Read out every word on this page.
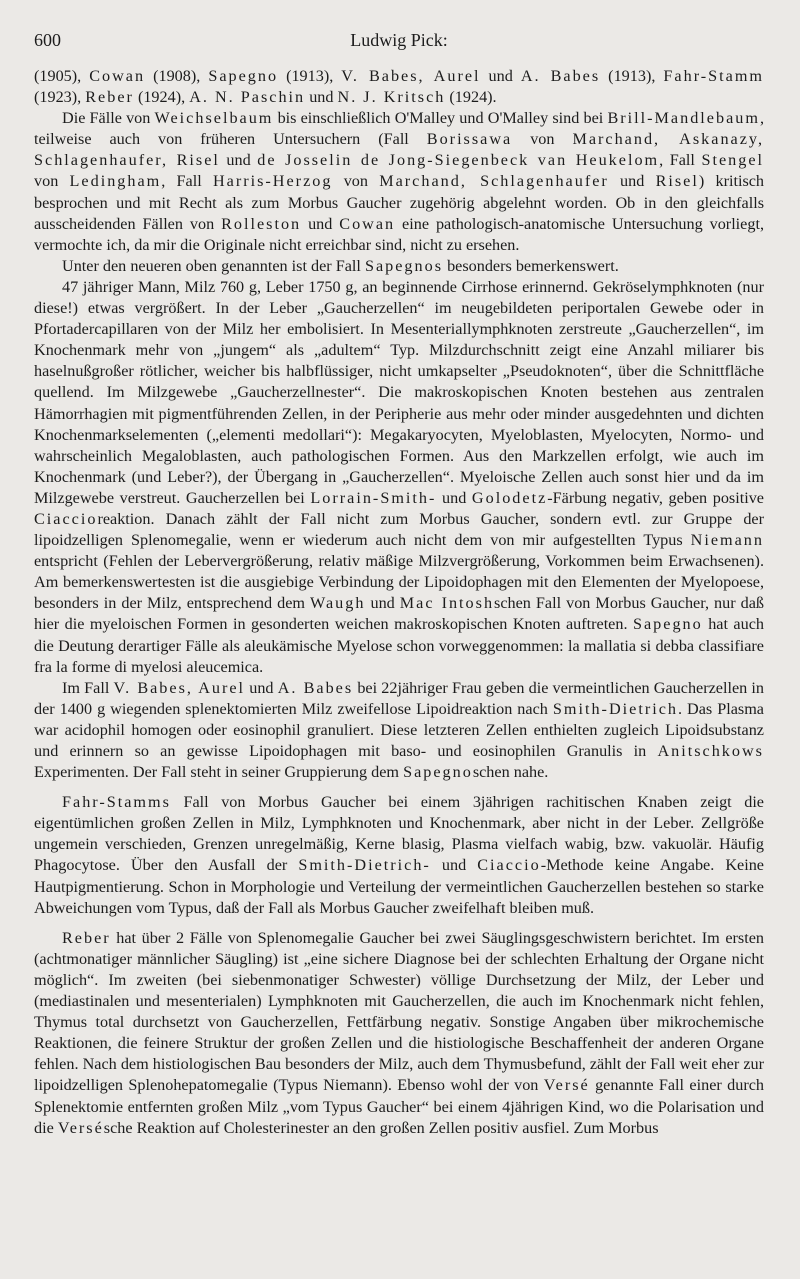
600	Ludwig Pick:

(1905), Cowan (1908), Sapegno (1913), V. Babes, Aurel und A. Babes (1913), Fahr-Stamm (1923), Reber (1924), A. N. Paschin und N. J. Kritsch (1924).

Die Fälle von Weichselbaum bis einschließlich O'Malley und O'Malley sind bei Brill-Mandlebaum, teilweise auch von früheren Untersuchern (Fall Borissawa von Marchand, Askanazy, Schlagenhaufer, Risel und de Josselin de Jong-Siegenbeck van Heukelom, Fall Stengel von Ledingham, Fall Harris-Herzog von Marchand, Schlagenhaufer und Risel) kritisch besprochen und mit Recht als zum Morbus Gaucher zugehörig abgelehnt worden. Ob in den gleichfalls ausscheidenden Fällen von Rolleston und Cowan eine pathologisch-anatomische Untersuchung vorliegt, vermochte ich, da mir die Originale nicht erreichbar sind, nicht zu ersehen.

Unter den neueren oben genannten ist der Fall Sapegnos besonders bemerkenswert.

47 jähriger Mann, Milz 760 g, Leber 1750 g, an beginnende Cirrhose erinnernd. Gekröselymphknoten (nur diese!) etwas vergrößert. In der Leber „Gaucherzellen“ im neugebildeten periportalen Gewebe oder in Pfortadercapillaren von der Milz her embolisiert. In Mesenteriallymphknoten zerstreute „Gaucherzellen“, im Knochenmark mehr von „jungem“ als „adultem“ Typ. Milzdurchschnitt zeigt eine Anzahl miliarer bis haselnußgroßer rötlicher, weicher bis halbflüssiger, nicht umkapselter „Pseudoknoten“, über die Schnittfläche quellend. Im Milzgewebe „Gaucherzellnester“. Die makroskopischen Knoten bestehen aus zentralen Hämorrhagien mit pigmentführenden Zellen, in der Peripherie aus mehr oder minder ausgedehnten und dichten Knochenmarkselementen („elementi medollari“): Megakaryocyten, Myeloblasten, Myelocyten, Normo- und wahrscheinlich Megaloblasten, auch pathologischen Formen. Aus den Markzellen erfolgt, wie auch im Knochenmark (und Leber?), der Übergang in „Gaucherzellen“. Myeloische Zellen auch sonst hier und da im Milzgewebe verstreut. Gaucherzellen bei Lorrain-Smith- und Golodetz-Färbung negativ, geben positive Ciaccioreaktion. Danach zählt der Fall nicht zum Morbus Gaucher, sondern evtl. zur Gruppe der lipoidzelligen Splenomegalie, wenn er wiederum auch nicht dem von mir aufgestellten Typus Niemann entspricht (Fehlen der Lebervergrößerung, relativ mäßige Milzvergrößerung, Vorkommen beim Erwachsenen). Am bemerkenswertesten ist die ausgiebige Verbindung der Lipoidophagen mit den Elementen der Myelopoese, besonders in der Milz, entsprechend dem Waugh und Mac Intoshschen Fall von Morbus Gaucher, nur daß hier die myeloischen Formen in gesonderten weichen makroskopischen Knoten auftreten. Sapegno hat auch die Deutung derartiger Fälle als aleukämische Myelose schon vorweggenommen: la mallatia si debba classifiare fra la forme di myelosi aleucemica.

Im Fall V. Babes, Aurel und A. Babes bei 22jähriger Frau geben die vermeintlichen Gaucherzellen in der 1400 g wiegenden splenektomierten Milz zweifellose Lipoidreaktion nach Smith-Dietrich. Das Plasma war acidophil homogen oder eosinophil granuliert. Diese letzteren Zellen enthielten zugleich Lipoidsubstanz und erinnern so an gewisse Lipoidophagen mit baso- und eosinophilen Granulis in Anitschkows Experimenten. Der Fall steht in seiner Gruppierung dem Sapegnoschen nahe.

Fahr-Stamms Fall von Morbus Gaucher bei einem 3jährigen rachitischen Knaben zeigt die eigentümlichen großen Zellen in Milz, Lymphknoten und Knochenmark, aber nicht in der Leber. Zellgröße ungemein verschieden, Grenzen unregelmäßig, Kerne blasig, Plasma vielfach wabig, bzw. vakuolär. Häufig Phagocytose. Über den Ausfall der Smith-Dietrich- und Ciaccio-Methode keine Angabe. Keine Hautpigmentierung. Schon in Morphologie und Verteilung der vermeintlichen Gaucherzellen bestehen so starke Abweichungen vom Typus, daß der Fall als Morbus Gaucher zweifelhaft bleiben muß.

Reber hat über 2 Fälle von Splenomegalie Gaucher bei zwei Säuglingsgeschwistern berichtet. Im ersten (achtmonatiger männlicher Säugling) ist „eine sichere Diagnose bei der schlechten Erhaltung der Organe nicht möglich“. Im zweiten (bei siebenmonatiger Schwester) völlige Durchsetzung der Milz, der Leber und (mediastinalen und mesenterialen) Lymphknoten mit Gaucherzellen, die auch im Knochenmark nicht fehlen, Thymus total durchsetzt von Gaucherzellen, Fettfärbung negativ. Sonstige Angaben über mikrochemische Reaktionen, die feinere Struktur der großen Zellen und die histiologische Beschaffenheit der anderen Organe fehlen. Nach dem histiologischen Bau besonders der Milz, auch dem Thymusbefund, zählt der Fall weit eher zur lipoidzelligen Splenohepatomegalie (Typus Niemann). Ebenso wohl der von Versé genannte Fall einer durch Splenektomie entfernten großen Milz „vom Typus Gaucher“ bei einem 4jährigen Kind, wo die Polarisation und die Versésche Reaktion auf Cholesterinester an den großen Zellen positiv ausfiel. Zum Morbus
